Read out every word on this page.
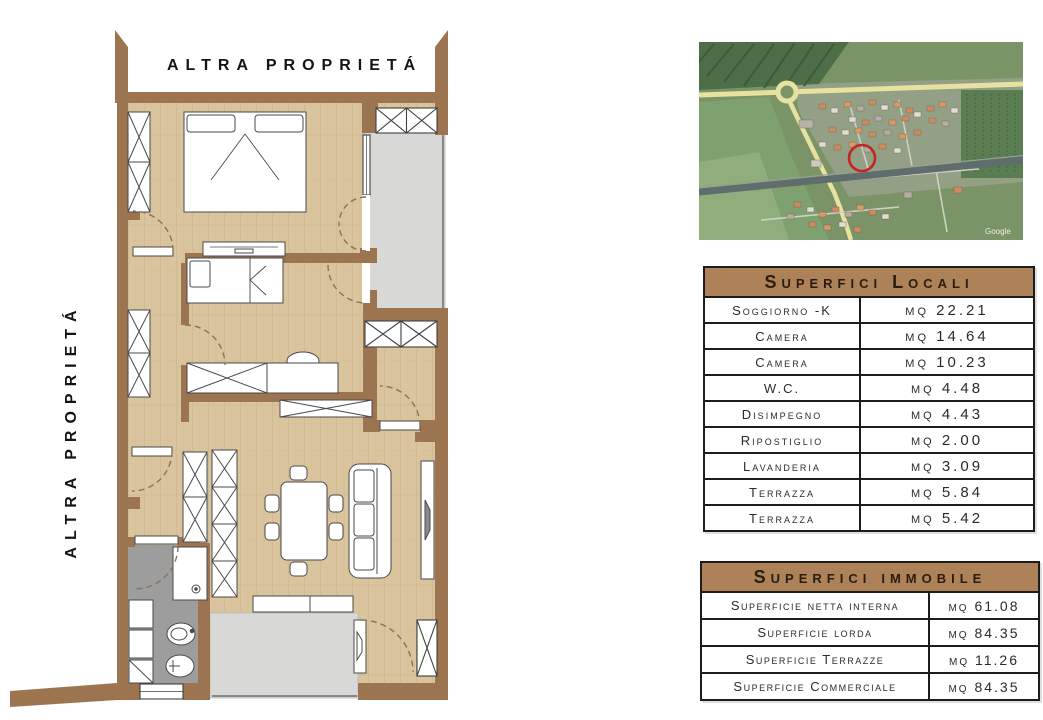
ALTRA PROPRIETÁ
ALTRA PROPRIETÁ
Google
Superfici Locali	
Soggiorno -K	mq 22.21
Camera	mq 14.64
Camera	mq 10.23
W.C.	mq 4.48
Disimpegno	mq 4.43
Ripostiglio	mq 2.00
Lavanderia	mq 3.09
Terrazza	mq 5.84
Terrazza	mq 5.42
Superfici immobile	
Superficie netta interna	mq 61.08
Superficie lorda	mq 84.35
Superficie Terrazze	mq 11.26
Superficie Commerciale	mq 84.35
